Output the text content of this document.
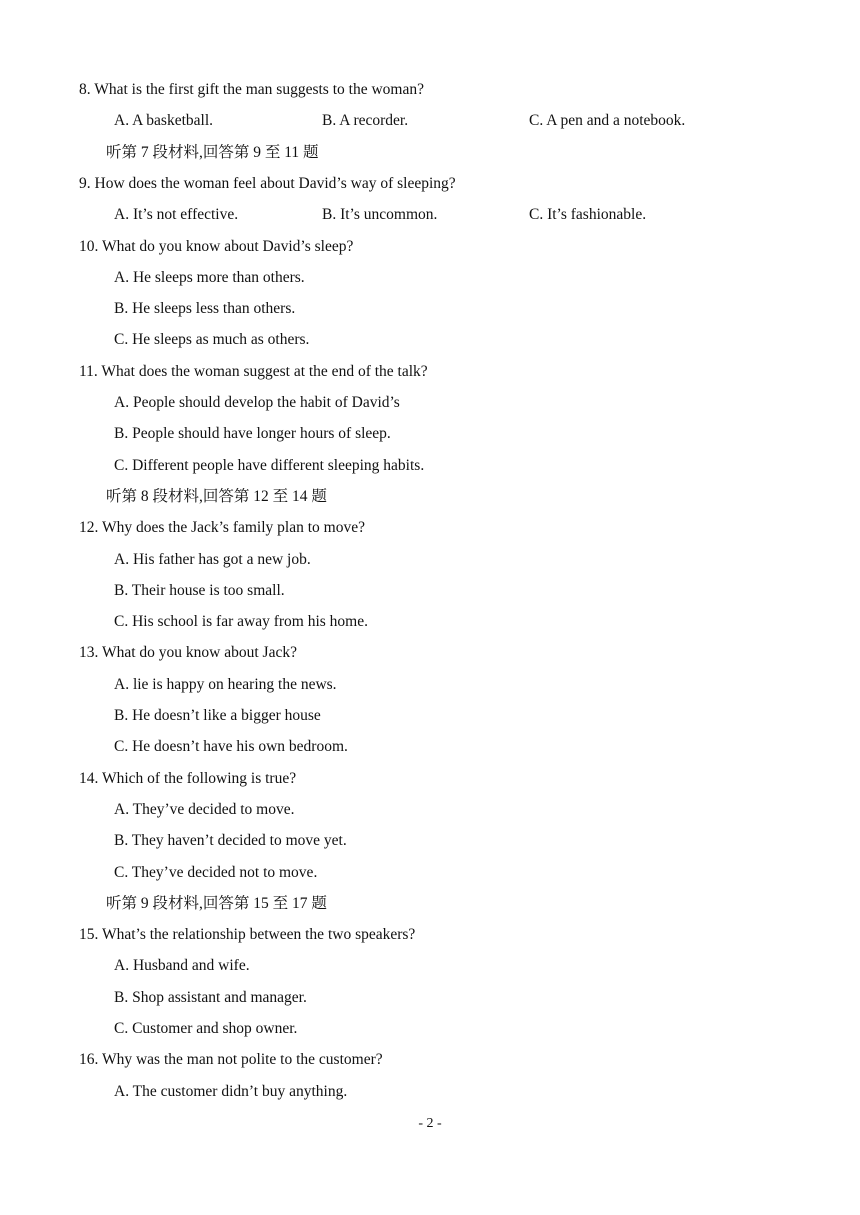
8. What is the first gift the man suggests to the woman?
A. A basketball.	B. A recorder.	C. A pen and a notebook.
听第 7 段材料,回答第 9 至 11 题
9. How does the woman feel about David’s way of sleeping?
A. It’s not effective.	B. It’s uncommon.	C. It’s fashionable.
10. What do you know about David’s sleep?
A. He sleeps more than others.
B. He sleeps less than others.
C. He sleeps as much as others.
11. What does the woman suggest at the end of the talk?
A. People should develop the habit of David’s
B. People should have longer hours of sleep.
C. Different people have different sleeping habits.
听第 8 段材料,回答第 12 至 14 题
12. Why does the Jack’s family plan to move?
A. His father has got a new job.
B. Their house is too small.
C. His school is far away from his home.
13. What do you know about Jack?
A. lie is happy on hearing the news.
B. He doesn’t like a bigger house
C. He doesn’t have his own bedroom.
14. Which of the following is true?
A. They’ve decided to move.
B. They haven’t decided to move yet.
C. They’ve decided not to move.
听第 9 段材料,回答第 15 至 17 题
15. What’s the relationship between the two speakers?
A. Husband and wife.
B. Shop assistant and manager.
C. Customer and shop owner.
16. Why was the man not polite to the customer?
A. The customer didn’t buy anything.
- 2 -
